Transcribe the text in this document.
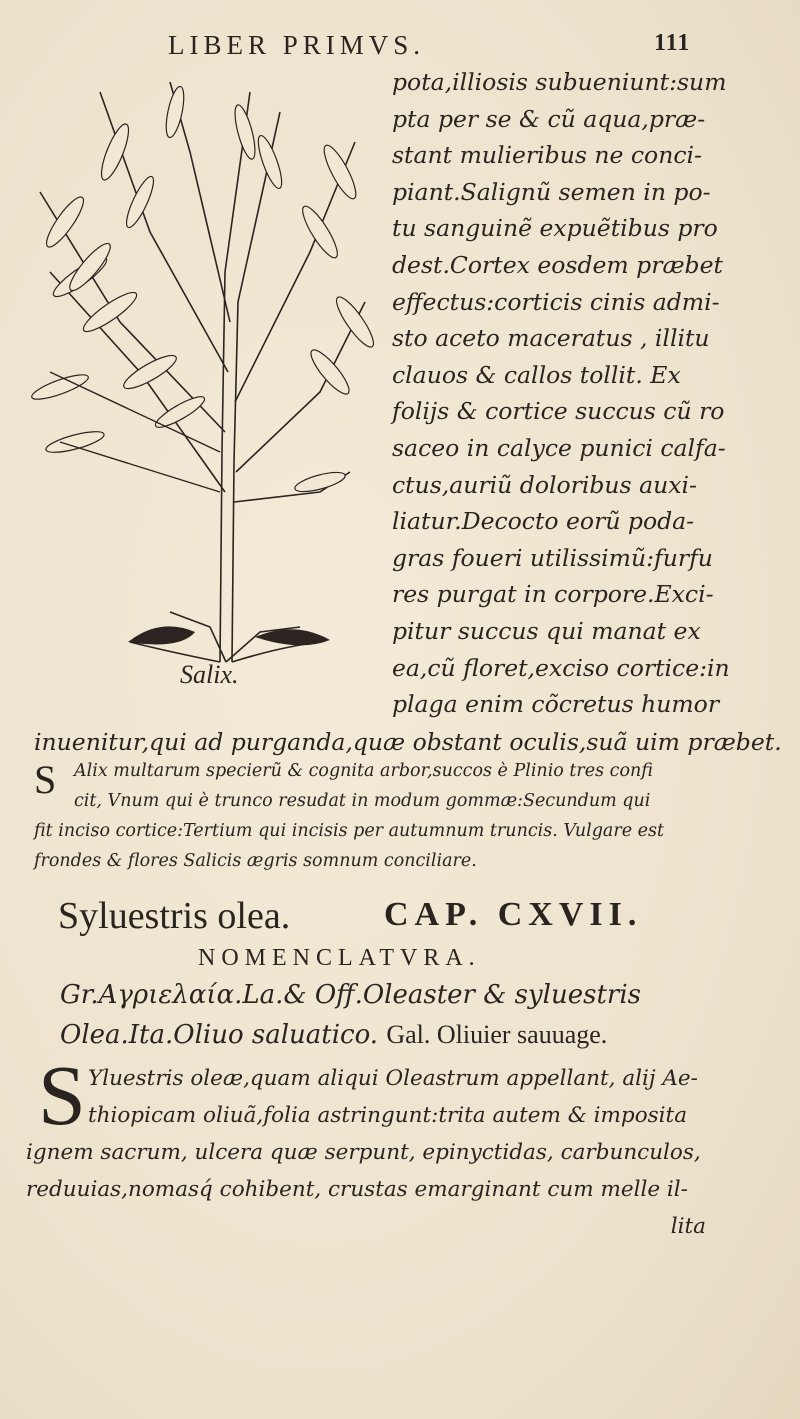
LIBER PRIMVS.	111
Salix.
pota,illiosis subueniunt:sum
pta per se & cũ aqua,præ-
stant mulieribus ne conci-
piant.Salignũ semen in po-
tu sanguinẽ expuẽtibus pro
dest.Cortex eosdem præbet
effectus:corticis cinis admi-
sto aceto maceratus , illitu
clauos & callos tollit. Ex
folijs & cortice succus cũ ro
saceo in calyce punici calfa-
ctus,auriũ doloribus auxi-
liatur.Decocto eorũ poda-
gras foueri utilissimũ:furfu
res purgat in corpore.Exci-
pitur succus qui manat ex
ea,cũ floret,exciso cortice:in
plaga enim cõcretus humor
inuenitur,qui ad purganda,quæ obstant oculis,suã uim præbet.
S	Alix multarum specierũ & cognita arbor,succos è Plinio tres confi
cit, Vnum qui è trunco resudat in modum gommæ:Secundum qui
fit inciso cortice:Tertium qui incisis per autumnum truncis. Vulgare est
frondes & flores Salicis ægris somnum conciliare.
Syluestris olea.	CAP. CXVII.
NOMENCLATVRA.
Gr.Αγριελαία.La.& Off.Oleaster & syluestris
Olea.Ita.Oliuo saluatico. Gal. Oliuier sauuage.
S Yluestris oleæ,quam aliqui Oleastrum appellant, alij Ae-
thiopicam oliuã,folia astringunt:trita autem & imposita
ignem sacrum, ulcera quæ serpunt, epinyctidas, carbunculos,
reduuias,nomasq́ cohibent, crustas emarginant cum melle il-
lita
